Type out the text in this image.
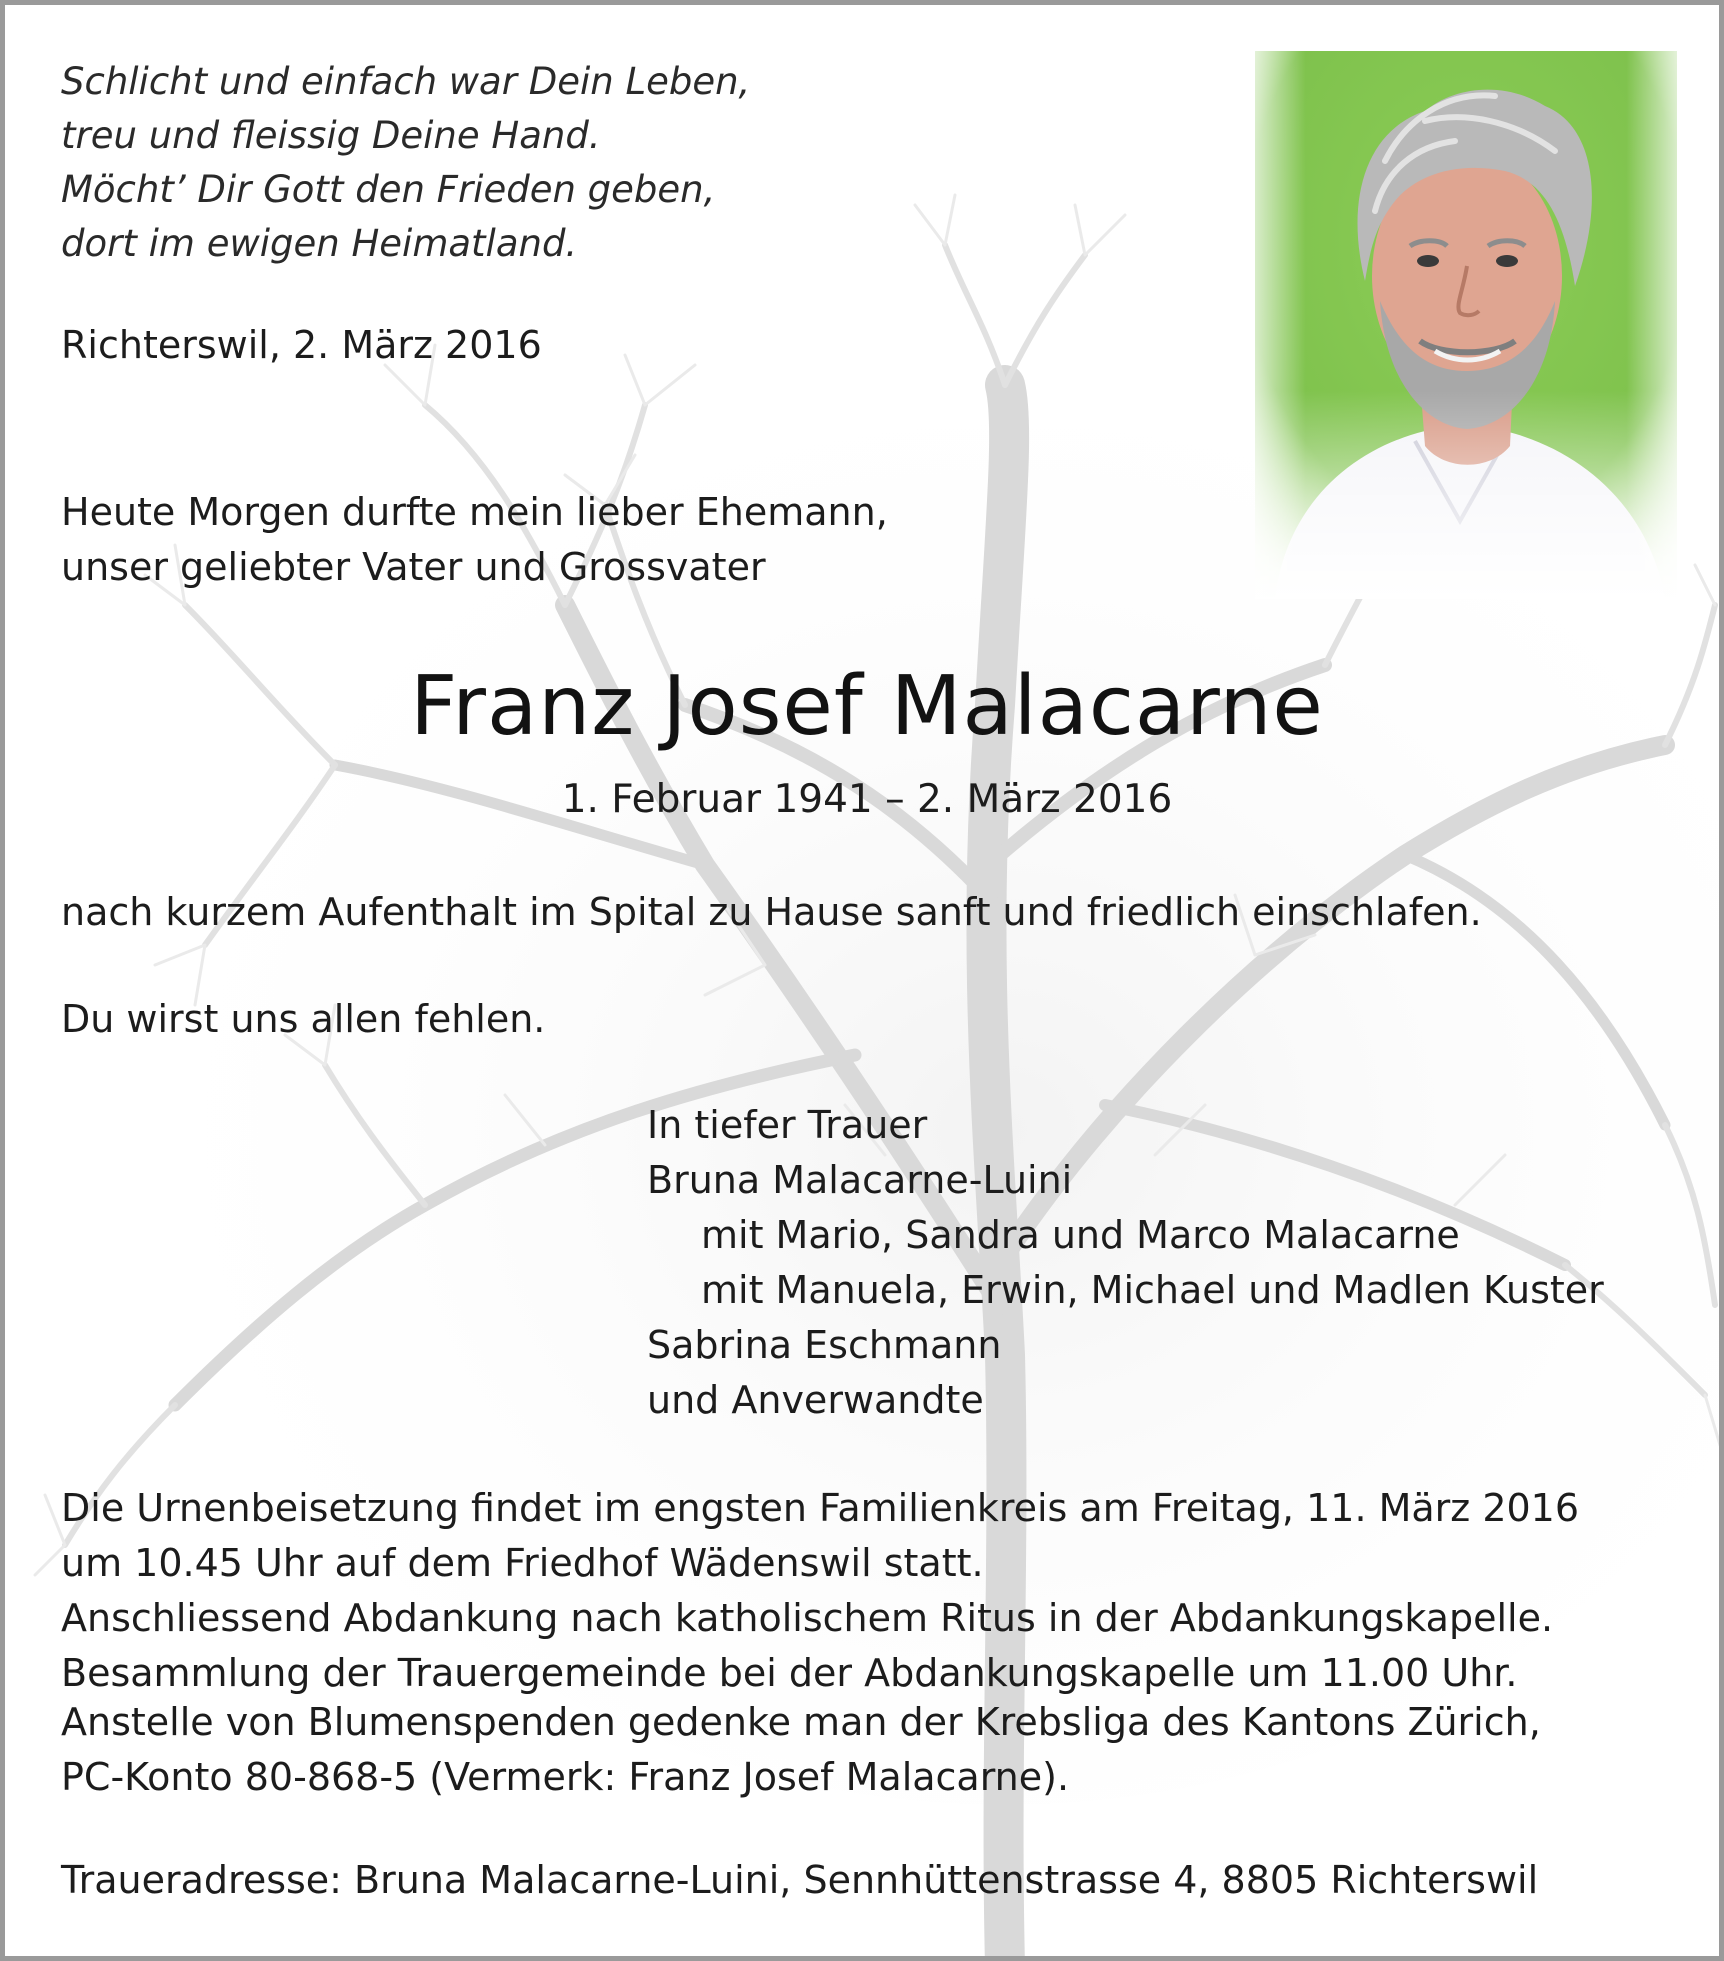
Schlicht und einfach war Dein Leben,
treu und fleissig Deine Hand.
Möcht’ Dir Gott den Frieden geben,
dort im ewigen Heimatland.
Richterswil, 2. März 2016
Heute Morgen durfte mein lieber Ehemann,
unser geliebter Vater und Grossvater
Franz Josef Malacarne
1. Februar 1941 – 2. März 2016
nach kurzem Aufenthalt im Spital zu Hause sanft und friedlich einschlafen.
Du wirst uns allen fehlen.
In tiefer Trauer
Bruna Malacarne-Luini
mit Mario, Sandra und Marco Malacarne
mit Manuela, Erwin, Michael und Madlen Kuster
Sabrina Eschmann
und Anverwandte
Die Urnenbeisetzung findet im engsten Familienkreis am Freitag, 11. März 2016
um 10.45 Uhr auf dem Friedhof Wädenswil statt.
Anschliessend Abdankung nach katholischem Ritus in der Abdankungskapelle.
Besammlung der Trauergemeinde bei der Abdankungskapelle um 11.00 Uhr.
Anstelle von Blumenspenden gedenke man der Krebsliga des Kantons Zürich,
PC-Konto 80-868-5 (Vermerk: Franz Josef Malacarne).
Traueradresse: Bruna Malacarne-Luini, Sennhüttenstrasse 4, 8805 Richterswil
